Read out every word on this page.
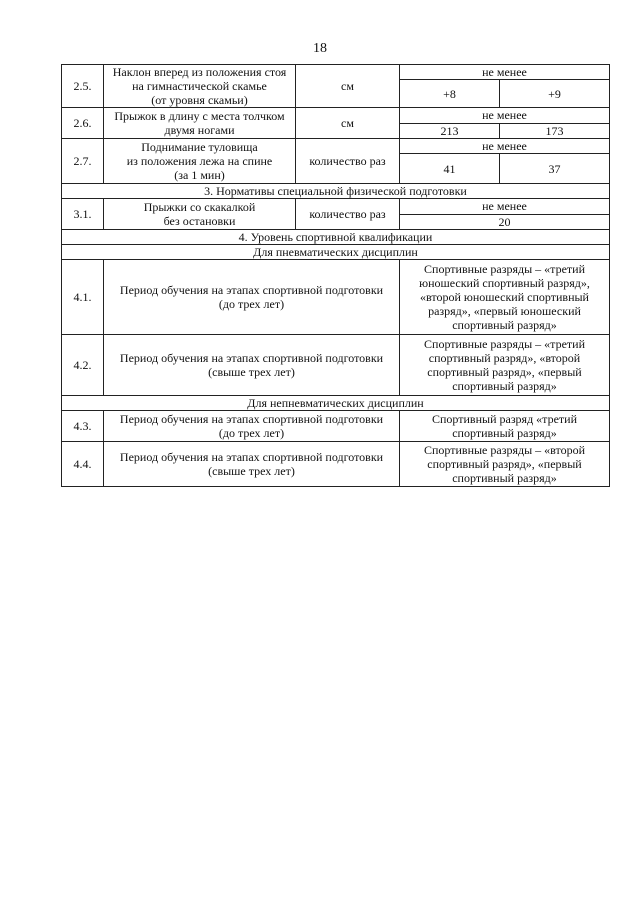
18
2.5.	Наклон вперед из положения стоя
на гимнастической скамье
(от уровня скамьи)	см	не менее	
			+8	+9
2.6.	Прыжок в длину с места толчком
двумя ногами	см	не менее	
			213	173
2.7.	Поднимание туловища
из положения лежа на спине
(за 1 мин)	количество раз	не менее	
			41	37
3. Нормативы специальной физической подготовки				
3.1.	Прыжки со скакалкой
без остановки	количество раз	не менее	
			20	
4. Уровень спортивной квалификации				
Для пневматических дисциплин				
4.1.	Период обучения на этапах спортивной подготовки
(до трех лет)		Спортивные разряды – «третий
юношеский спортивный разряд»,
«второй юношеский спортивный
разряд», «первый юношеский
спортивный разряд»	
4.2.	Период обучения на этапах спортивной подготовки
(свыше трех лет)		Спортивные разряды – «третий
спортивный разряд», «второй
спортивный разряд», «первый
спортивный разряд»	
Для непневматических дисциплин				
4.3.	Период обучения на этапах спортивной подготовки
(до трех лет)		Спортивный разряд «третий
спортивный разряд»	
4.4.	Период обучения на этапах спортивной подготовки
(свыше трех лет)		Спортивные разряды – «второй
спортивный разряд», «первый
спортивный разряд»	
